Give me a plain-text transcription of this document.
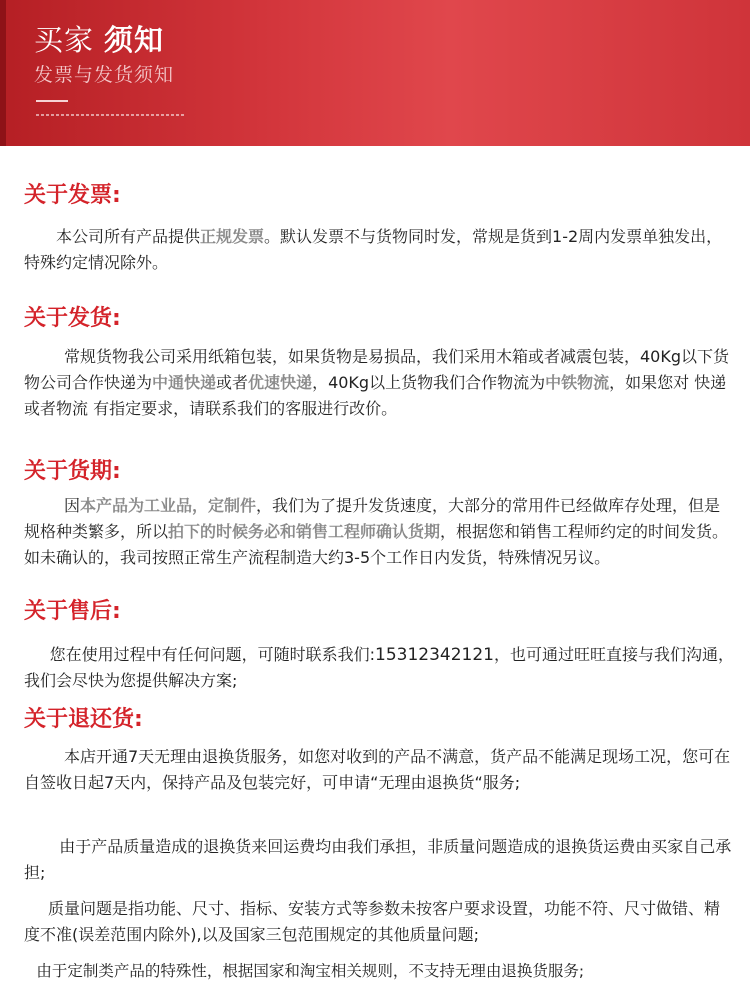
买家 须知
发票与发货须知
关于发票:

本公司所有产品提供正规发票。默认发票不与货物同时发，常规是货到1-2周内发票单独发出，特殊约定情况除外。

关于发货:

常规货物我公司采用纸箱包装，如果货物是易损品，我们采用木箱或者减震包装，40Kg以下货物公司合作快递为中通快递或者优速快递，40Kg以上货物我们合作物流为中铁物流，如果您对 快递或者物流 有指定要求，请联系我们的客服进行改价。

关于货期:

因本产品为工业品，定制件，我们为了提升发货速度，大部分的常用件已经做库存处理，但是规格种类繁多，所以拍下的时候务必和销售工程师确认货期，根据您和销售工程师约定的时间发货。如未确认的，我司按照正常生产流程制造大约3-5个工作日内发货，特殊情况另议。

关于售后:

您在使用过程中有任何问题，可随时联系我们:15312342121，也可通过旺旺直接与我们沟通，我们会尽快为您提供解决方案;

关于退还货:

本店开通7天无理由退换货服务，如您对收到的产品不满意，货产品不能满足现场工况，您可在自签收日起7天内，保持产品及包装完好，可申请“无理由退换货“服务;

由于产品质量造成的退换货来回运费均由我们承担，非质量问题造成的退换货运费由买家自己承担;

质量问题是指功能、尺寸、指标、安装方式等参数未按客户要求设置，功能不符、尺寸做错、精度不准(误差范围内除外),以及国家三包范围规定的其他质量问题;

由于定制类产品的特殊性，根据国家和淘宝相关规则，不支持无理由退换货服务;
